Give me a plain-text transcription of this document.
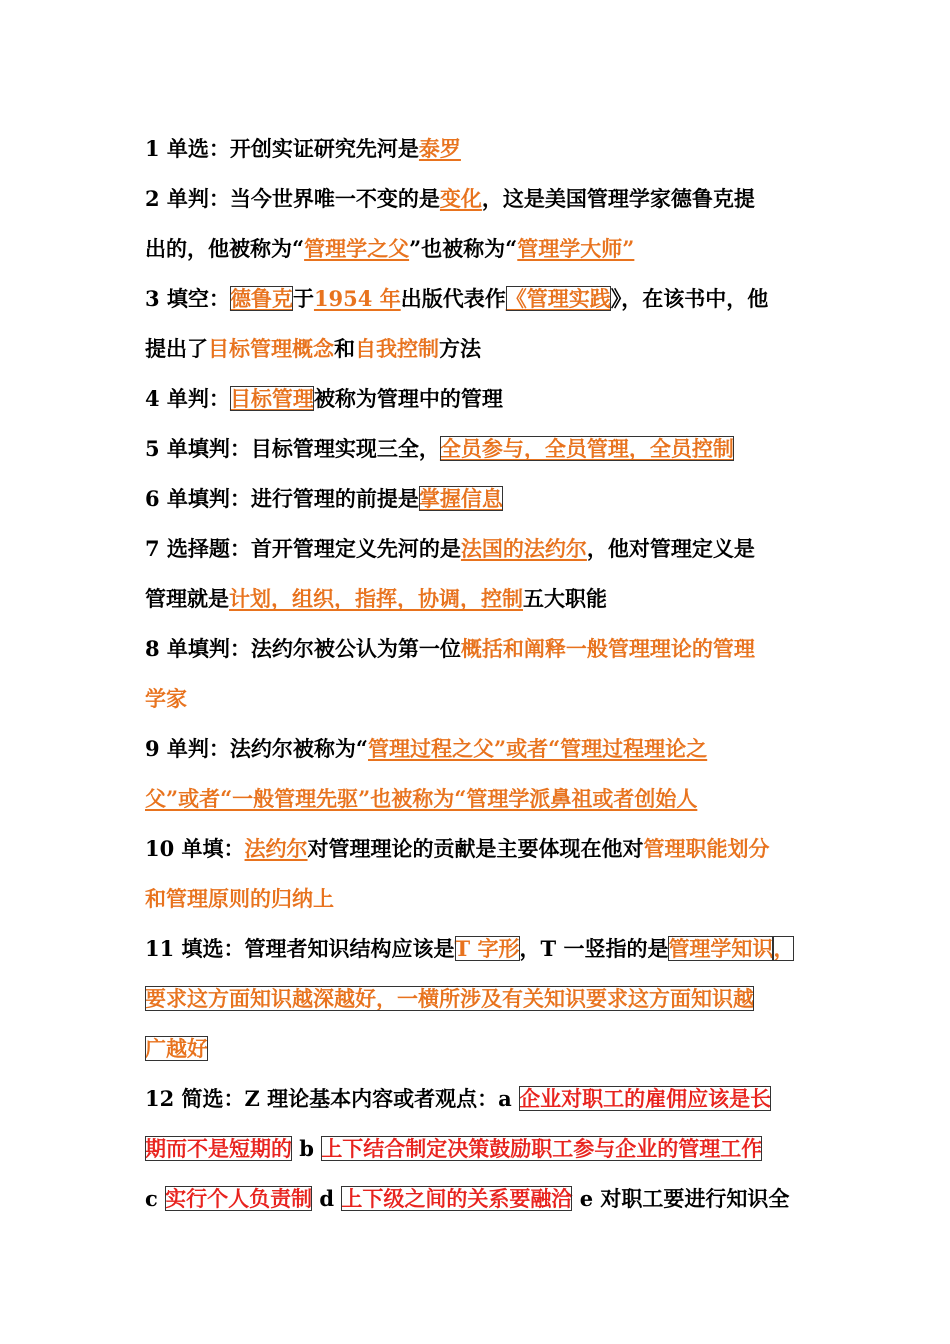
1 单选：开创实证研究先河是泰罗
2 单判：当今世界唯一不变的是变化，这是美国管理学家德鲁克提
出的，他被称为“管理学之父”也被称为“管理学大师”
3 填空：德鲁克于1954 年出版代表作《管理实践》，在该书中，他
提出了目标管理概念和自我控制方法
4 单判：目标管理被称为管理中的管理
5 单填判：目标管理实现三全，全员参与，全员管理，全员控制
6 单填判：进行管理的前提是掌握信息
7 选择题：首开管理定义先河的是法国的法约尔，他对管理定义是
管理就是计划，组织，指挥，协调，控制五大职能
8 单填判：法约尔被公认为第一位概括和阐释一般管理理论的管理
学家
9 单判：法约尔被称为“管理过程之父”或者“管理过程理论之
父”或者“一般管理先驱”也被称为“管理学派鼻祖或者创始人
10 单填：法约尔对管理理论的贡献是主要体现在他对管理职能划分
和管理原则的归纳上
11 填选：管理者知识结构应该是T 字形，T 一竖指的是管理学知识，
要求这方面知识越深越好，一横所涉及有关知识要求这方面知识越
广越好
12 简选：Z 理论基本内容或者观点：a 企业对职工的雇佣应该是长
期而不是短期的 b 上下结合制定决策鼓励职工参与企业的管理工作
c 实行个人负责制 d 上下级之间的关系要融洽 e 对职工要进行知识全
